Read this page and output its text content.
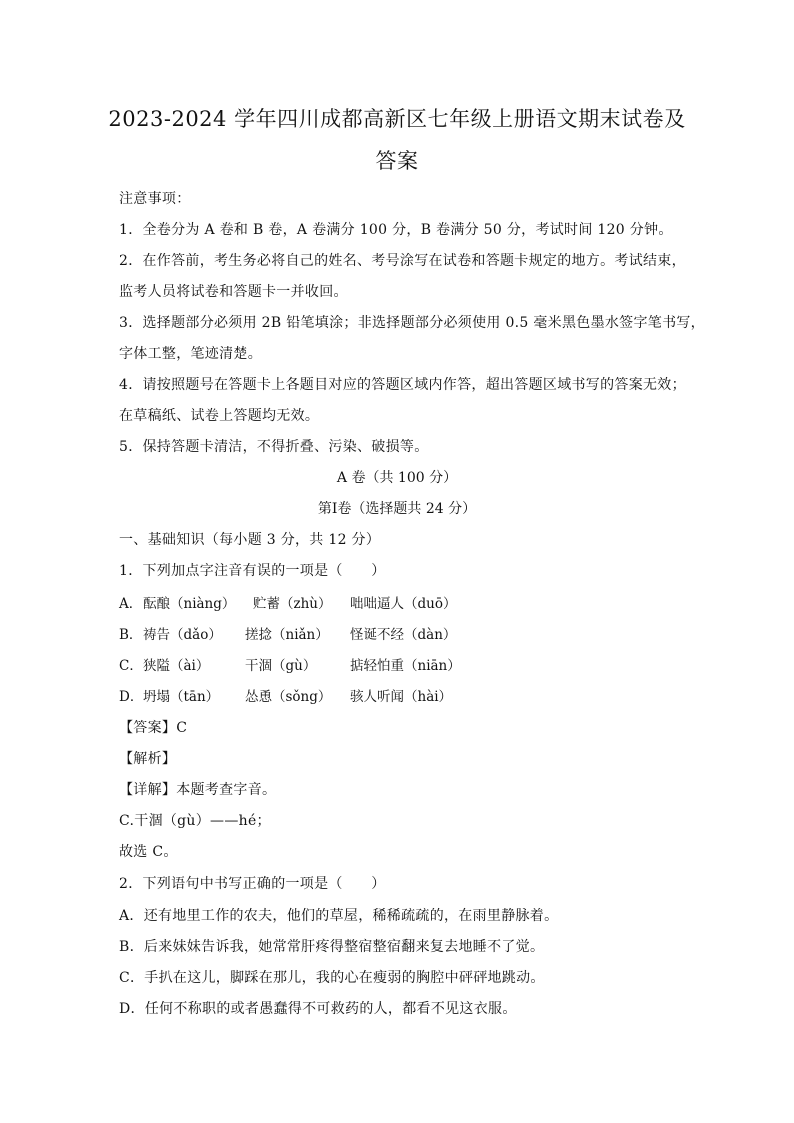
2023-2024 学年四川成都高新区七年级上册语文期末试卷及
答案
注意事项：
1．全卷分为 A 卷和 B 卷，A 卷满分 100 分，B 卷满分 50 分，考试时间 120 分钟。
2．在作答前，考生务必将自己的姓名、考号涂写在试卷和答题卡规定的地方。考试结束，
监考人员将试卷和答题卡一并收回。
3．选择题部分必须用 2B 铅笔填涂；非选择题部分必须使用 0.5 毫米黑色墨水签字笔书写，
字体工整，笔迹清楚。
4．请按照题号在答题卡上各题目对应的答题区域内作答，超出答题区域书写的答案无效；
在草稿纸、试卷上答题均无效。
5．保持答题卡清洁，不得折叠、污染、破损等。
A 卷（共 100 分）
第Ⅰ卷（选择题共 24 分）
一、基础知识（每小题 3 分，共 12 分）
1．下列加点字注音有误的一项是（　　）
A． 酝酿（niàng） 贮蓄（zhù） 咄咄逼人（duō）
B． 祷告（dǎo） 搓捻（niǎn） 怪诞不经（dàn）
C． 狭隘（ài）	干涸（gù） 掂轻怕重（niān）
D． 坍塌（tān） 怂恿（sǒng） 骇人听闻（hài）
【答案】C
【解析】
【详解】本题考查字音。
C.干涸（gù）——hé；
故选 C。
2．下列语句中书写正确的一项是（　　）
A．还有地里工作的农夫，他们的草屋，稀稀疏疏的，在雨里静脉着。
B．后来妹妹告诉我，她常常肝疼得整宿整宿翻来复去地睡不了觉。
C．手扒在这儿，脚踩在那儿，我的心在瘦弱的胸腔中砰砰地跳动。
D．任何不称职的或者愚蠢得不可救药的人，都看不见这衣服。
